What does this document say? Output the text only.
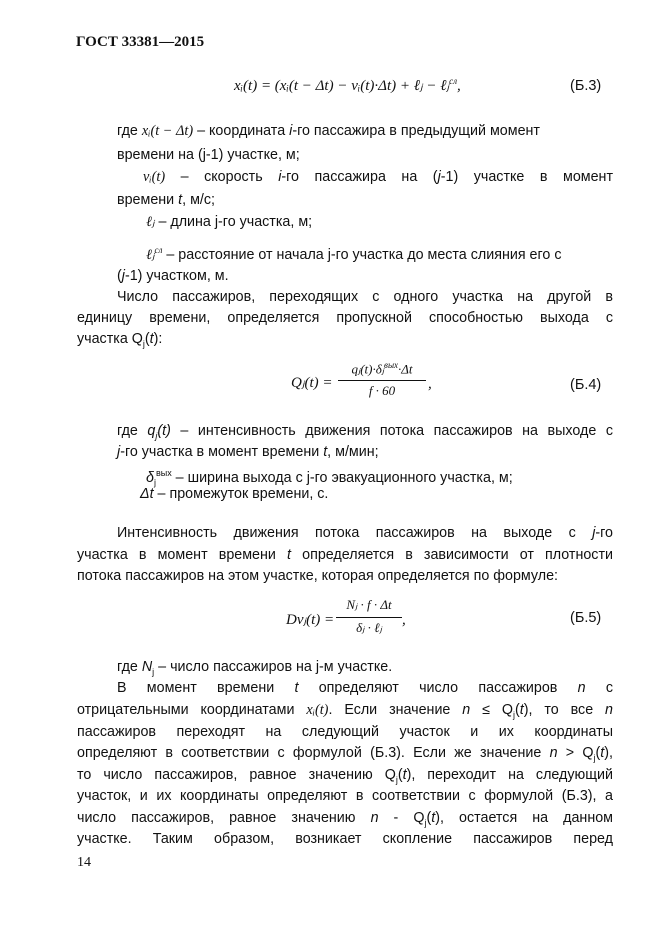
ГОСТ 33381—2015
xᵢ(t) = (xᵢ(t − Δt) − vᵢ(t)·Δt) + ℓⱼ − ℓⱼ$^{сл}$,	(Б.3)
где xᵢ(t − Δt) – координата i-го пассажира в предыдущий момент
времени на (j-1) участке, м;
vᵢ(t) – скорость i-го пассажира на (j-1) участке в момент
времени t, м/с;
ℓⱼ – длина j-го участка, м;
ℓⱼ$^{сл}$ – расстояние от начала j-го участка до места слияния его с
(j-1) участком, м.
Число пассажиров, переходящих с одного участка на другой в
единицу времени, определяется пропускной способностью выхода с
участка $Q_j(t)$:
Qⱼ(t) =
qⱼ(t)·δⱼ$^{вых}$·Δt
f · 60	,	(Б.4)
где $q_j(t)$ – интенсивность движения потока пассажиров на выходе с
j-го участка в момент времени t, м/мин;
$\delta_j^{вых}$ – ширина выхода с j-го эвакуационного участка, м;
Δt – промежуток времени, с.
Интенсивность движения потока пассажиров на выходе с j-го
участка в момент времени t определяется в зависимости от плотности
потока пассажиров на этом участке, которая определяется по формуле:
Dvⱼ(t) =
Nⱼ · f · Δt
δⱼ · ℓⱼ	,	(Б.5)
где $N_j$ – число пассажиров на j-м участке.
В момент времени t определяют число пассажиров n с
отрицательными координатами xᵢ(t). Если значение $n \le Q_j(t)$, то все n
пассажиров переходят на следующий участок и их координаты
определяют в соответствии с формулой (Б.3). Если же значение $n > Q_j(t)$,
то число пассажиров, равное значению $Q_j(t)$, переходит на следующий
участок, и их координаты определяют в соответствии с формулой (Б.3), а
число пассажиров, равное значению n - $Q_j(t)$, остается на данном
участке. Таким образом, возникает скопление пассажиров перед
14
